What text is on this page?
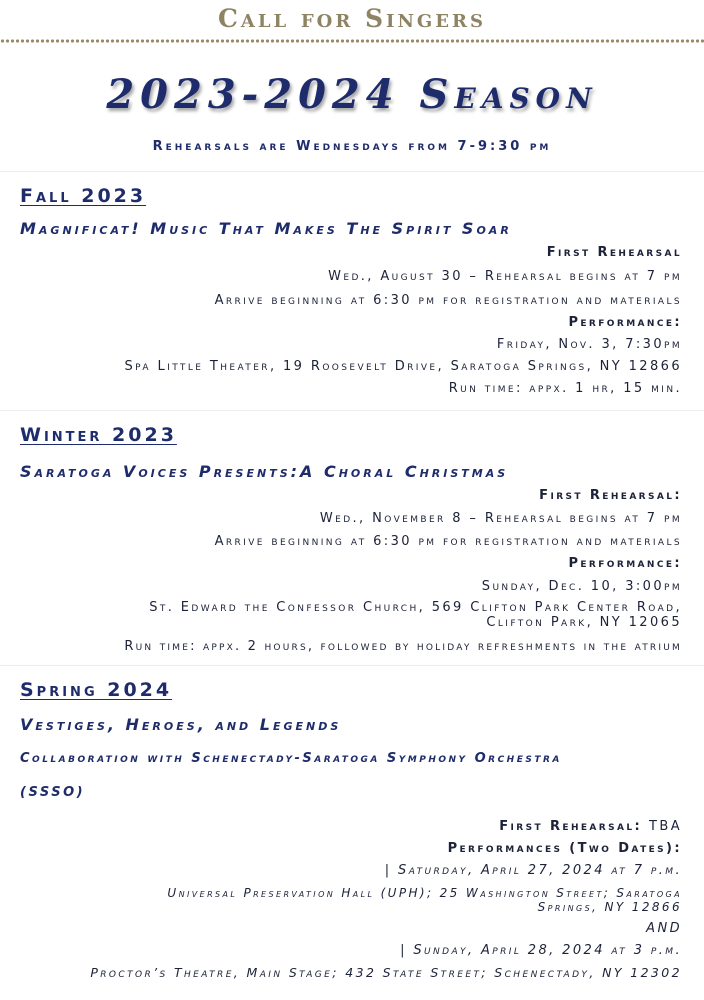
Call for Singers
2023-2024 Season

Rehearsals are Wednesdays from 7-9:30 pm

Fall 2023

Magnificat! Music That Makes The Spirit Soar

First Rehearsal

Wed., August 30 – Rehearsal begins at 7 pm

Arrive beginning at 6:30 pm for registration and materials

Performance:

Friday, Nov. 3, 7:30pm

Spa Little Theater, 19 Roosevelt Drive, Saratoga Springs, NY 12866

Run time: appx. 1 hr, 15 min.

Winter 2023

Saratoga Voices Presents:A Choral Christmas

First Rehearsal:

Wed., November 8 – Rehearsal begins at 7 pm

Arrive beginning at 6:30 pm for registration and materials

Performance:

Sunday, Dec. 10, 3:00pm

St. Edward the Confessor Church, 569 Clifton Park Center Road,

Clifton Park, NY 12065

Run time: appx. 2 hours, followed by holiday refreshments in the atrium

Spring 2024

Vestiges, Heroes, and Legends

Collaboration with Schenectady-Saratoga Symphony Orchestra

(SSSO)

First Rehearsal: TBA

Performances (Two Dates):

| Saturday, April 27, 2024 at 7 p.m.

Universal Preservation Hall (UPH); 25 Washington Street; Saratoga

Springs, NY 12866

AND

| Sunday, April 28, 2024 at 3 p.m.

Proctor’s Theatre, Main Stage; 432 State Street; Schenectady, NY 12302
